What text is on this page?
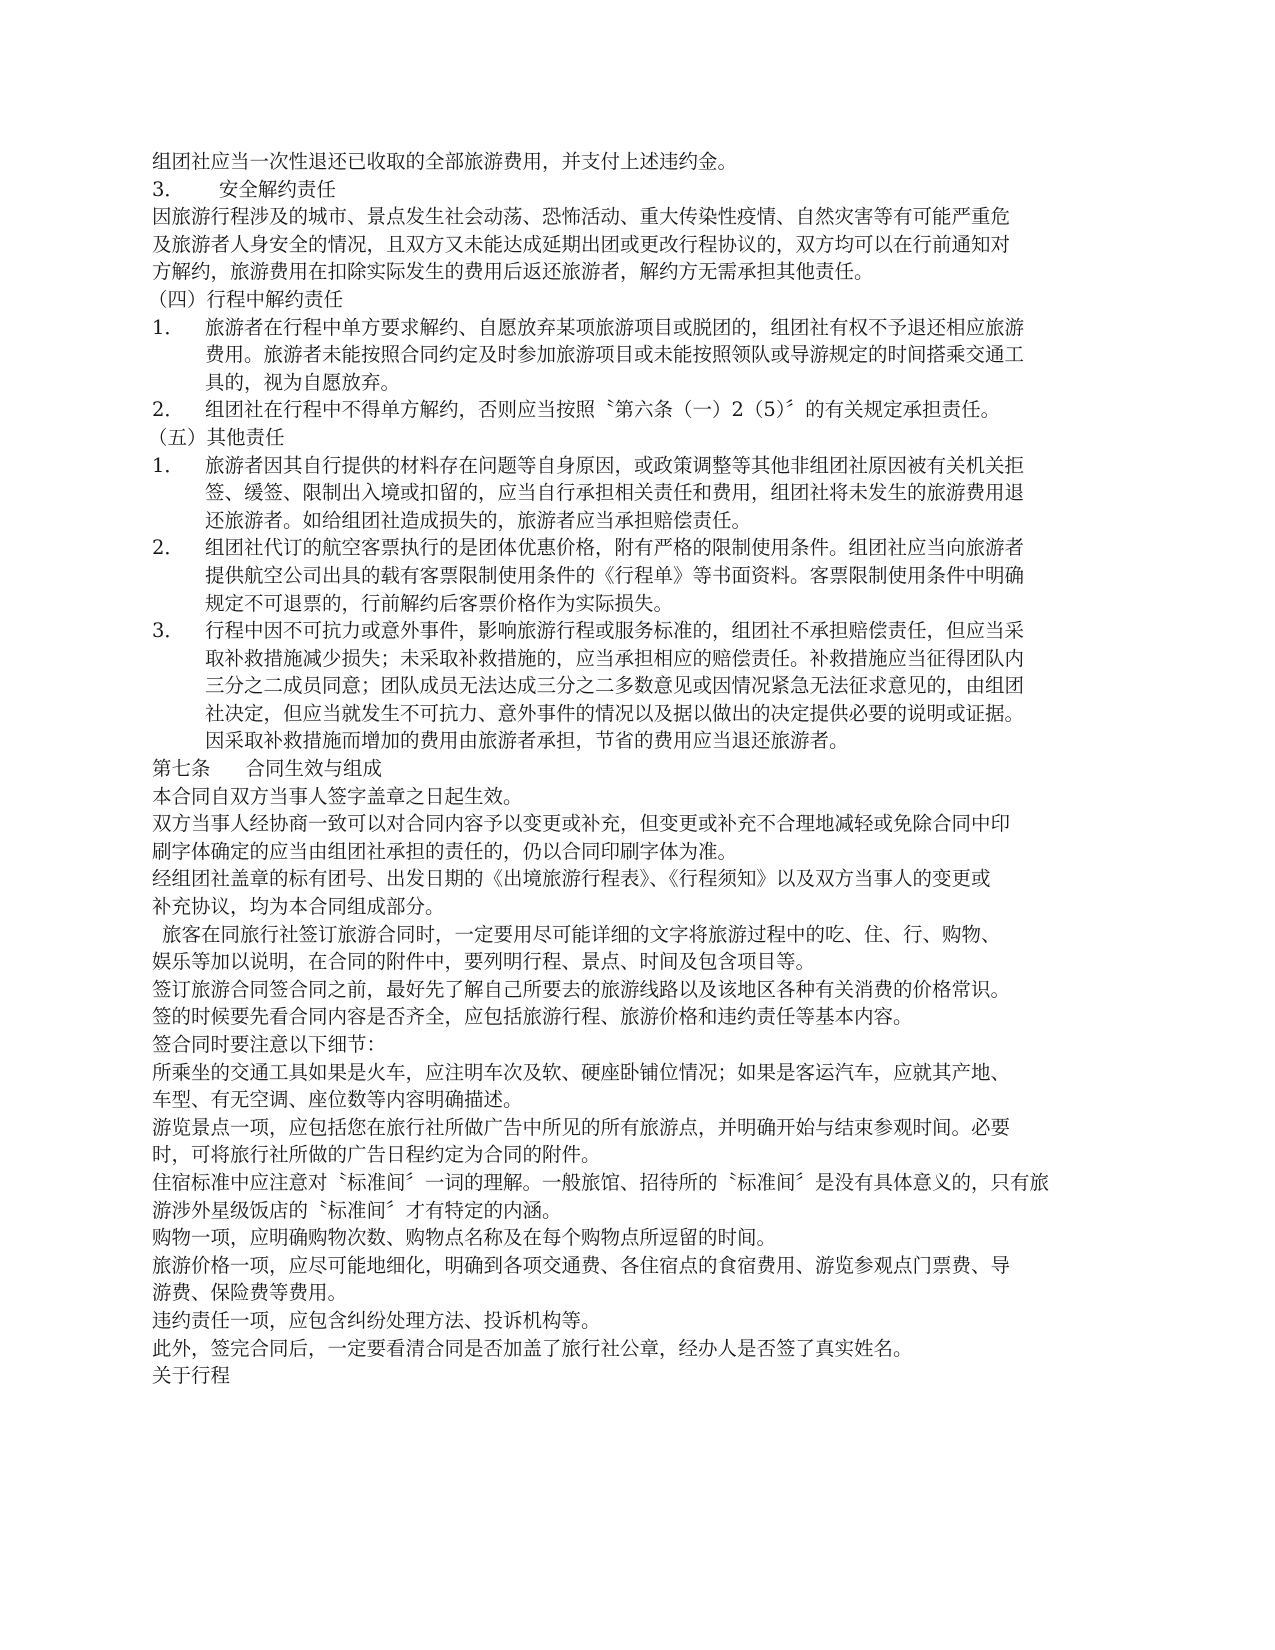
组团社应当一次性退还已收取的全部旅游费用，并支付上述违约金。
3． 安全解约责任
因旅游行程涉及的城市、景点发生社会动荡、恐怖活动、重大传染性疫情、自然灾害等有可能严重危
及旅游者人身安全的情况，且双方又未能达成延期出团或更改行程协议的，双方均可以在行前通知对
方解约，旅游费用在扣除实际发生的费用后返还旅游者，解约方无需承担其他责任。
（四）行程中解约责任
1．	旅游者在行程中单方要求解约、自愿放弃某项旅游项目或脱团的，组团社有权不予退还相应旅游
费用。旅游者未能按照合同约定及时参加旅游项目或未能按照领队或导游规定的时间搭乘交通工
具的，视为自愿放弃。
2．	组团社在行程中不得单方解约，否则应当按照〝第六条（一）2（5）〞的有关规定承担责任。
（五）其他责任
1．	旅游者因其自行提供的材料存在问题等自身原因，或政策调整等其他非组团社原因被有关机关拒
签、缓签、限制出入境或扣留的，应当自行承担相关责任和费用，组团社将未发生的旅游费用退
还旅游者。如给组团社造成损失的，旅游者应当承担赔偿责任。
2．	组团社代订的航空客票执行的是团体优惠价格，附有严格的限制使用条件。组团社应当向旅游者
提供航空公司出具的载有客票限制使用条件的《行程单》等书面资料。客票限制使用条件中明确
规定不可退票的，行前解约后客票价格作为实际损失。
3．	行程中因不可抗力或意外事件，影响旅游行程或服务标准的，组团社不承担赔偿责任，但应当采
取补救措施减少损失；未采取补救措施的，应当承担相应的赔偿责任。补救措施应当征得团队内
三分之二成员同意；团队成员无法达成三分之二多数意见或因情况紧急无法征求意见的，由组团
社决定，但应当就发生不可抗力、意外事件的情况以及据以做出的决定提供必要的说明或证据。
因采取补救措施而增加的费用由旅游者承担，节省的费用应当退还旅游者。
第七条 合同生效与组成
本合同自双方当事人签字盖章之日起生效。
双方当事人经协商一致可以对合同内容予以变更或补充，但变更或补充不合理地减轻或免除合同中印
刷字体确定的应当由组团社承担的责任的，仍以合同印刷字体为准。
经组团社盖章的标有团号、出发日期的《出境旅游行程表》、《行程须知》以及双方当事人的变更或
补充协议，均为本合同组成部分。
旅客在同旅行社签订旅游合同时，一定要用尽可能详细的文字将旅游过程中的吃、住、行、购物、
娱乐等加以说明，在合同的附件中，要列明行程、景点、时间及包含项目等。
签订旅游合同签合同之前，最好先了解自己所要去的旅游线路以及该地区各种有关消费的价格常识。
签的时候要先看合同内容是否齐全，应包括旅游行程、旅游价格和违约责任等基本内容。
签合同时要注意以下细节：
所乘坐的交通工具如果是火车，应注明车次及软、硬座卧铺位情况；如果是客运汽车，应就其产地、
车型、有无空调、座位数等内容明确描述。
游览景点一项，应包括您在旅行社所做广告中所见的所有旅游点，并明确开始与结束参观时间。必要
时，可将旅行社所做的广告日程约定为合同的附件。
住宿标准中应注意对〝标准间〞一词的理解。一般旅馆、招待所的〝标准间〞是没有具体意义的，只有旅
游涉外星级饭店的〝标准间〞才有特定的内涵。
购物一项，应明确购物次数、购物点名称及在每个购物点所逗留的时间。
旅游价格一项，应尽可能地细化，明确到各项交通费、各住宿点的食宿费用、游览参观点门票费、导
游费、保险费等费用。
违约责任一项，应包含纠纷处理方法、投诉机构等。
此外，签完合同后，一定要看清合同是否加盖了旅行社公章，经办人是否签了真实姓名。
关于行程
